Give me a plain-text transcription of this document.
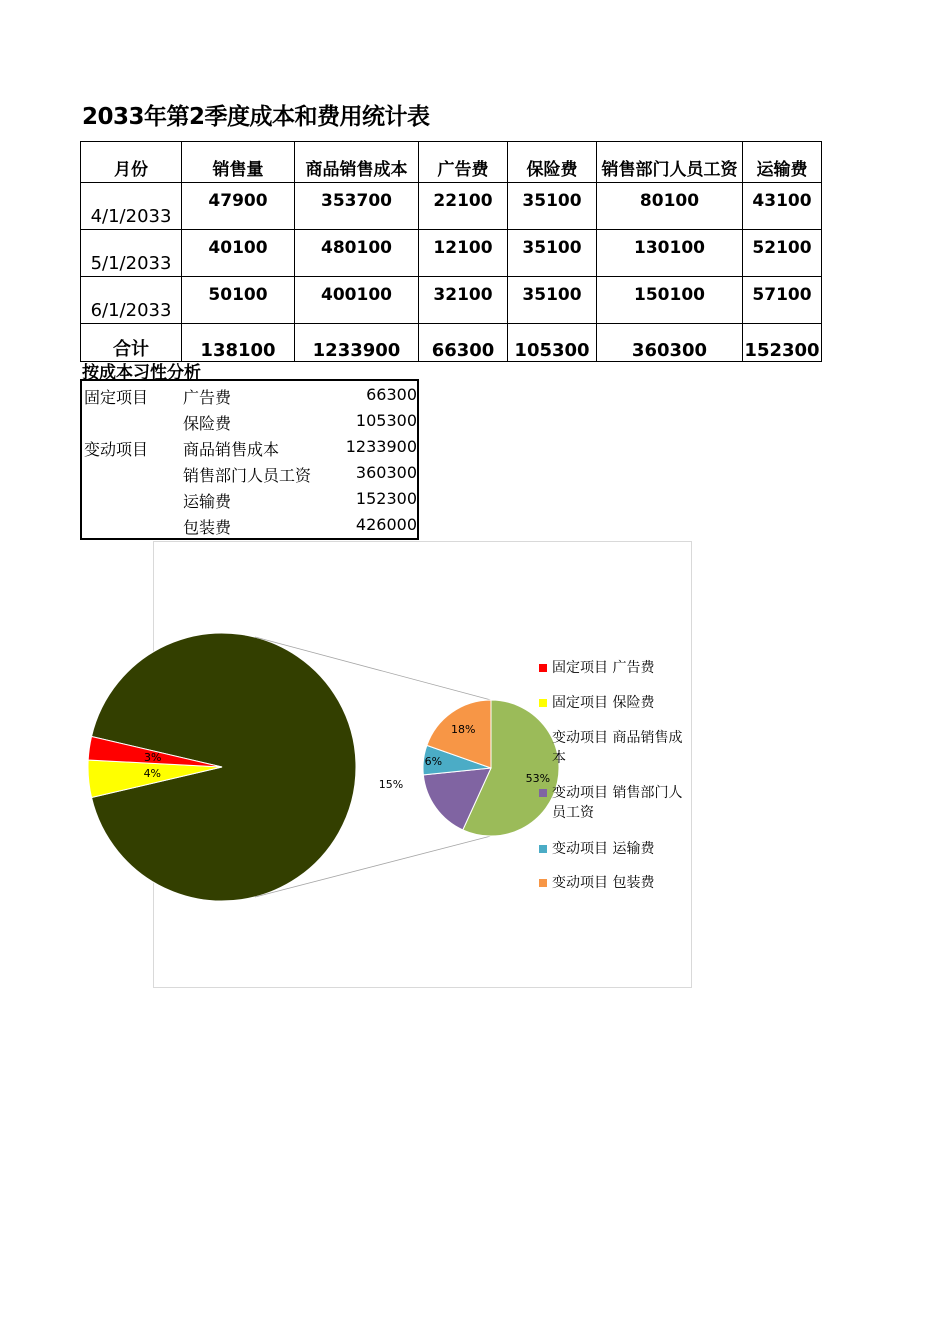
2033年第2季度成本和费用统计表
月份	销售量	商品销售成本	广告费	保险费	销售部门人员工资	运输费
4/1/2033	47900	353700	22100	35100	80100	43100
5/1/2033	40100	480100	12100	35100	130100	52100
6/1/2033	50100	400100	32100	35100	150100	57100
合计	138100	1233900	66300	105300	360300	152300
按成本习性分析
固定项目 广告费	66300
保险费	105300
变动项目 商品销售成本	1233900
销售部门人员工资	360300
运输费	152300
包装费	426000
4%
3%
53%
6%
18%
15%
固定项目 广告费
固定项目 保险费
变动项目 商品销售成
本
变动项目 销售部门人
员工资
变动项目 运输费
变动项目 包装费
